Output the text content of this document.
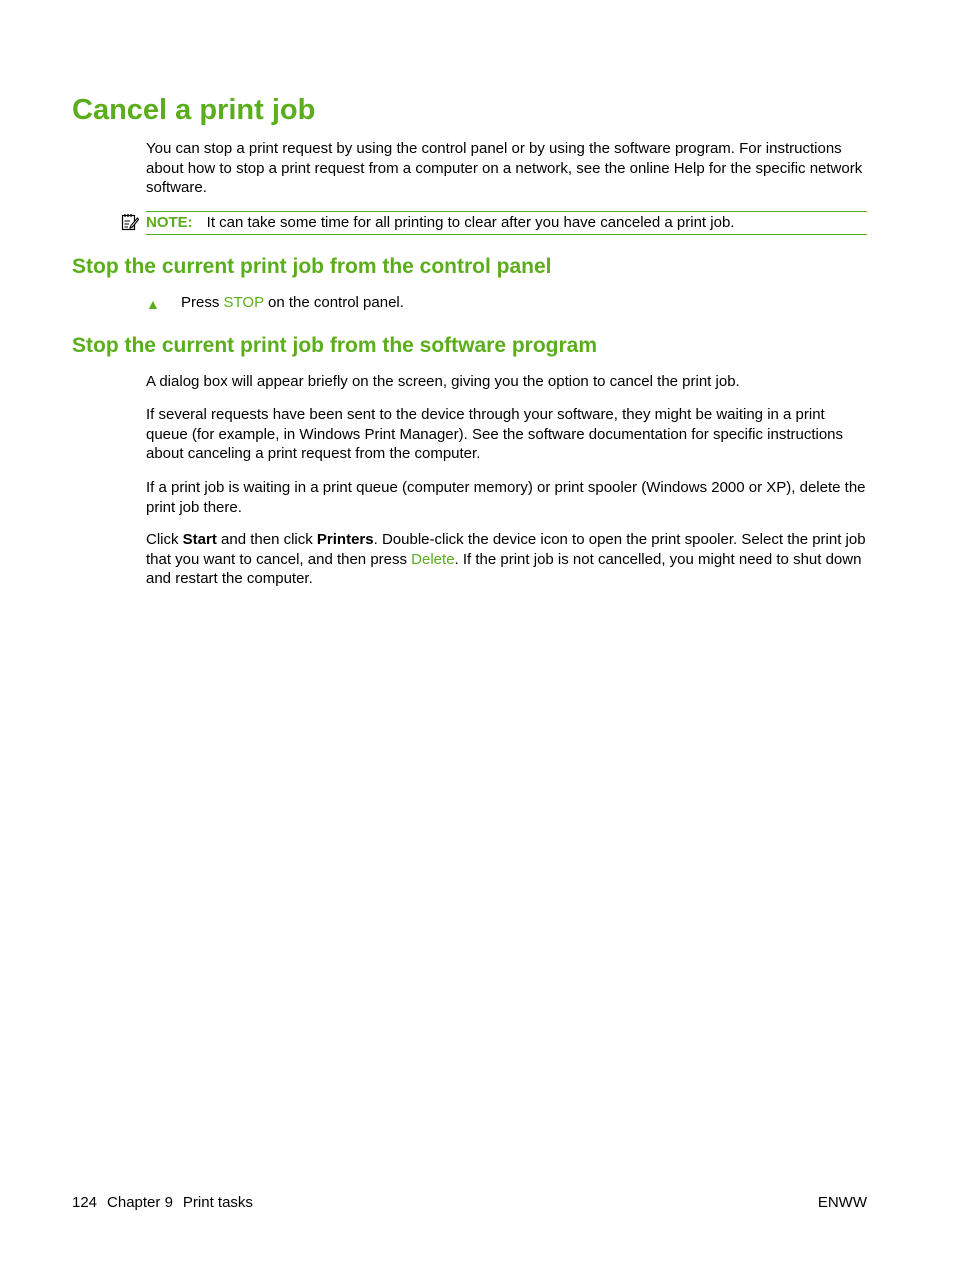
Cancel a print job

You can stop a print request by using the control panel or by using the software program. For instructions about how to stop a print request from a computer on a network, see the online Help for the specific network software.

NOTE: It can take some time for all printing to clear after you have canceled a print job.
Stop the current print job from the control panel
▲ Press STOP on the control panel.
Stop the current print job from the software program

A dialog box will appear briefly on the screen, giving you the option to cancel the print job.

If several requests have been sent to the device through your software, they might be waiting in a print queue (for example, in Windows Print Manager). See the software documentation for specific instructions about canceling a print request from the computer.

If a print job is waiting in a print queue (computer memory) or print spooler (Windows 2000 or XP), delete the print job there.

Click Start and then click Printers. Double-click the device icon to open the print spooler. Select the print job that you want to cancel, and then press Delete. If the print job is not cancelled, you might need to shut down and restart the computer.

124 Chapter 9 Print tasks	ENWW
